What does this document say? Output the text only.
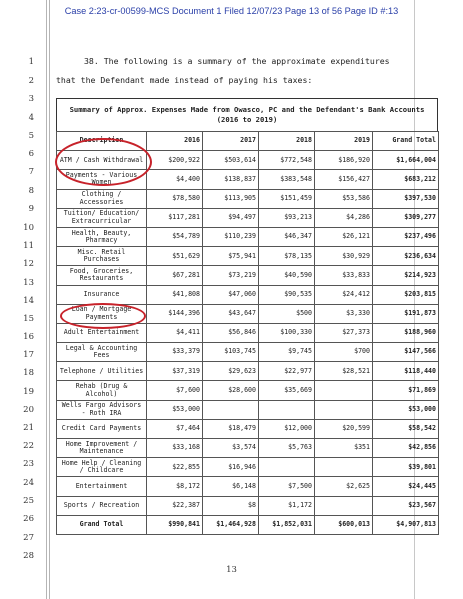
Case 2:23-cr-00599-MCS Document 1 Filed 12/07/23 Page 13 of 56 Page ID #:13
1
2
3
4
5
6
7
8
9
10
11
12
13
14
15
16
17
18
19
20
21
22
23
24
25
26
27
28
38. The following is a summary of the approximate expenditures
that the Defendant made instead of paying his taxes:
Summary of Approx. Expenses Made from Owasco, PC and the Defendant's Bank Accounts
(2016 to 2019)
Description	2016	2017	2018	2019	Grand Total
ATM / Cash Withdrawal	$200,922	$503,614	$772,548	$186,920	$1,664,004
Payments - Various Women	$4,400	$138,837	$383,548	$156,427	$683,212
Clothing / Accessories	$78,580	$113,905	$151,459	$53,586	$397,530
Tuition/ Education/ Extracurricular	$117,281	$94,497	$93,213	$4,286	$309,277
Health, Beauty, Pharmacy	$54,789	$110,239	$46,347	$26,121	$237,496
Misc. Retail Purchases	$51,629	$75,941	$78,135	$30,929	$236,634
Food, Groceries, Restaurants	$67,281	$73,219	$40,590	$33,833	$214,923
Insurance	$41,808	$47,060	$90,535	$24,412	$203,815
Loan / Mortgage Payments	$144,396	$43,647	$500	$3,330	$191,873
Adult Entertainment	$4,411	$56,846	$100,330	$27,373	$188,960
Legal & Accounting Fees	$33,379	$103,745	$9,745	$700	$147,566
Telephone / Utilities	$37,319	$29,623	$22,977	$28,521	$118,440
Rehab (Drug & Alcohol)	$7,600	$28,600	$35,669		$71,869
Wells Fargo Advisors - Roth IRA	$53,000				$53,000
Credit Card Payments	$7,464	$18,479	$12,000	$20,599	$58,542
Home Improvement / Maintenance	$33,168	$3,574	$5,763	$351	$42,856
Home Help / Cleaning / Childcare	$22,855	$16,946			$39,801
Entertainment	$8,172	$6,148	$7,500	$2,625	$24,445
Sports / Recreation	$22,387	$8	$1,172		$23,567
Grand Total	$990,841	$1,464,928	$1,852,031	$600,013	$4,907,813
13
